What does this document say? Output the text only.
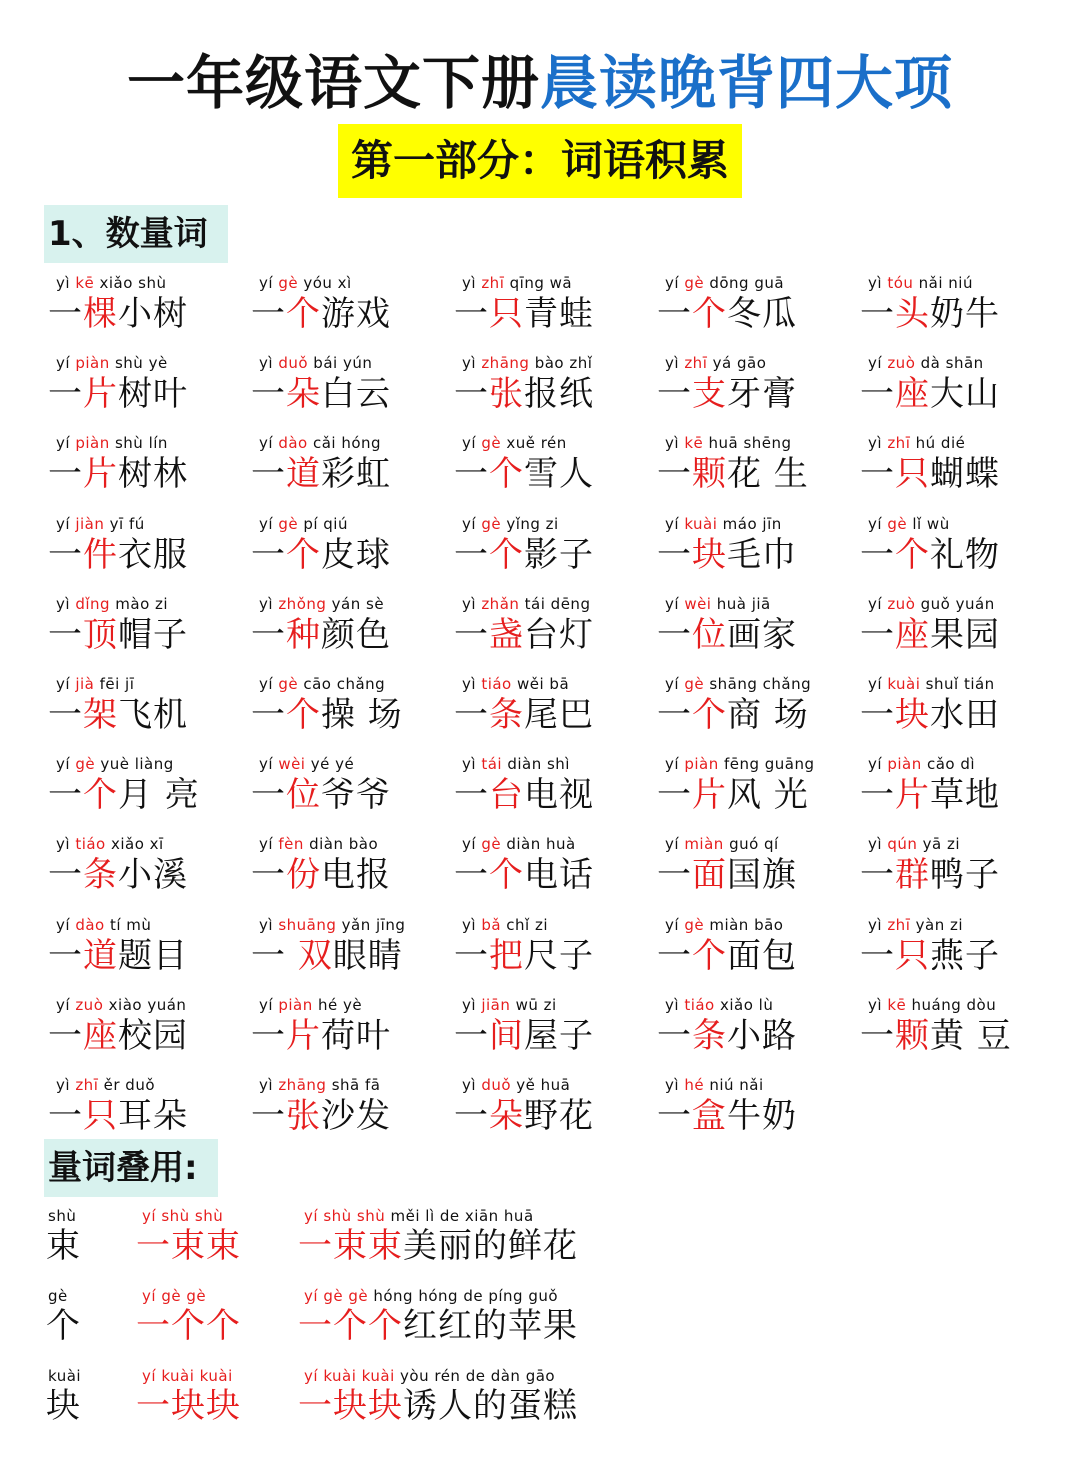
一年级语文下册晨读晚背四大项
第一部分：词语积累
1、数量词
yì kē xiǎo shù
一棵小树
yí gè yóu xì
一个游戏
yì zhī qīng wā
一只青蛙
yí gè dōng guā
一个冬瓜
yì tóu nǎi niú
一头奶牛
yí piàn shù yè
一片树叶
yì duǒ bái yún
一朵白云
yì zhāng bào zhǐ
一张报纸
yì zhī yá gāo
一支牙膏
yí zuò dà shān
一座大山
yí piàn shù lín
一片树林
yí dào cǎi hóng
一道彩虹
yí gè xuě rén
一个雪人
yì kē huā shēng
一颗花 生
yì zhī hú dié
一只蝴蝶
yí jiàn yī fú
一件衣服
yí gè pí qiú
一个皮球
yí gè yǐng zi
一个影子
yí kuài máo jīn
一块毛巾
yí gè lǐ wù
一个礼物
yì dǐng mào zi
一顶帽子
yì zhǒng yán sè
一种颜色
yì zhǎn tái dēng
一盏台灯
yí wèi huà jiā
一位画家
yí zuò guǒ yuán
一座果园
yí jià fēi jī
一架飞机
yí gè cāo chǎng
一个操 场
yì tiáo wěi bā
一条尾巴
yí gè shāng chǎng
一个商 场
yí kuài shuǐ tián
一块水田
yí gè yuè liàng
一个月 亮
yí wèi yé yé
一位爷爷
yì tái diàn shì
一台电视
yí piàn fēng guāng
一片风 光
yí piàn cǎo dì
一片草地
yì tiáo xiǎo xī
一条小溪
yí fèn diàn bào
一份电报
yí gè diàn huà
一个电话
yí miàn guó qí
一面国旗
yì qún yā zi
一群鸭子
yí dào tí mù
一道题目
yì shuāng yǎn jīng
一 双眼睛
yì bǎ chǐ zi
一把尺子
yí gè miàn bāo
一个面包
yì zhī yàn zi
一只燕子
yí zuò xiào yuán
一座校园
yí piàn hé yè
一片荷叶
yì jiān wū zi
一间屋子
yì tiáo xiǎo lù
一条小路
yì kē huáng dòu
一颗黄 豆
yì zhī ěr duǒ
一只耳朵
yì zhāng shā fā
一张沙发
yì duǒ yě huā
一朵野花
yì hé niú nǎi
一盒牛奶
量词叠用:
shù
束
yí shù shù
一束束
yí shù shù měi lì de xiān huā
一束束美丽的鲜花
gè
个
yí gè gè
一个个
yí gè gè hóng hóng de píng guǒ
一个个红红的苹果
kuài
块
yí kuài kuài
一块块
yí kuài kuài yòu rén de dàn gāo
一块块诱人的蛋糕
